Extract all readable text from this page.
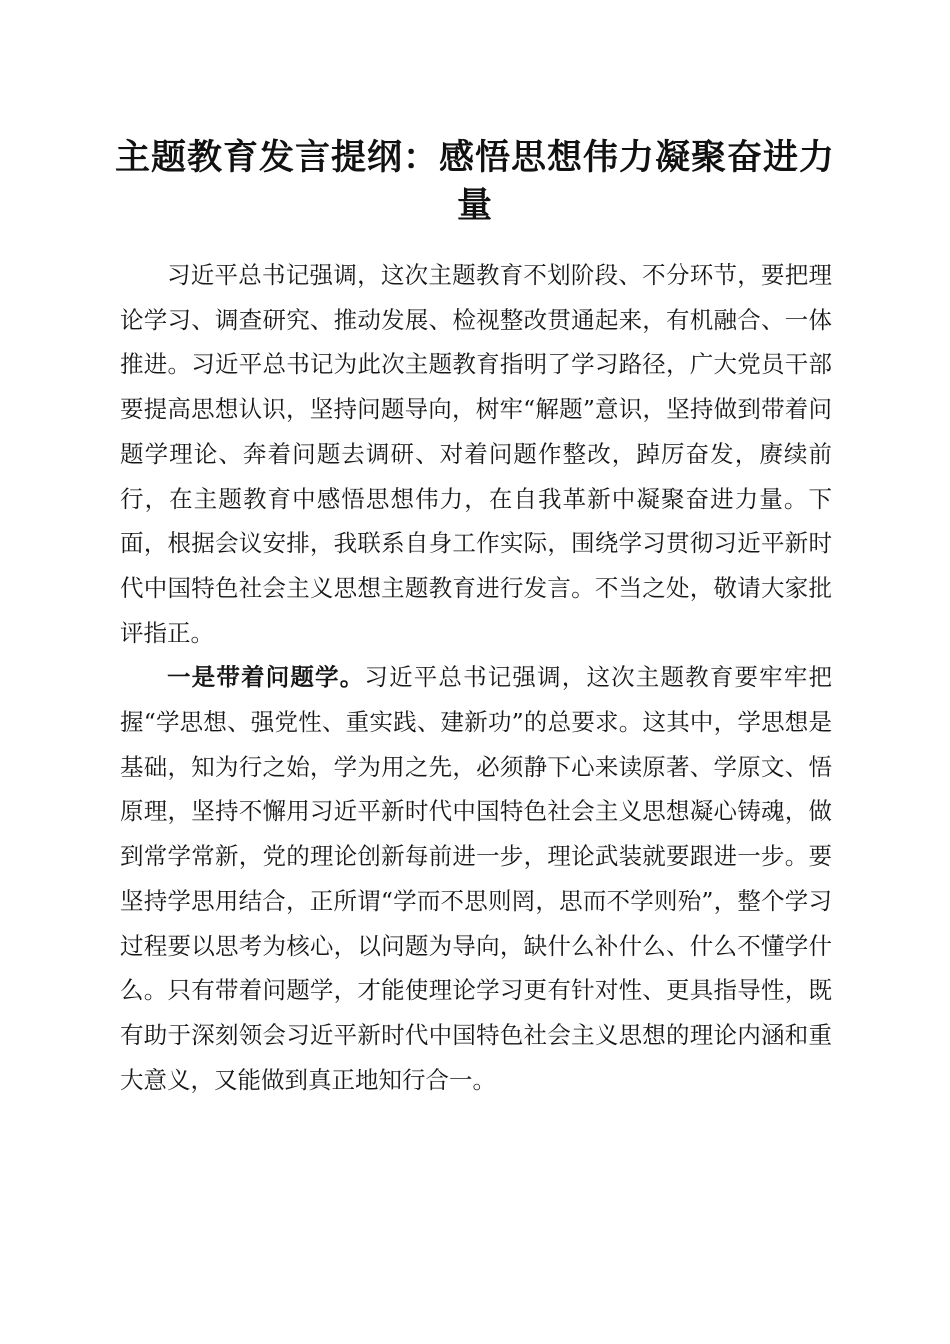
主题教育发言提纲：感悟思想伟力凝聚奋进力量

习近平总书记强调，这次主题教育不划阶段、不分环节，要把理论学习、调查研究、推动发展、检视整改贯通起来，有机融合、一体推进。习近平总书记为此次主题教育指明了学习路径，广大党员干部要提高思想认识，坚持问题导向，树牢“解题”意识，坚持做到带着问题学理论、奔着问题去调研、对着问题作整改，踔厉奋发，赓续前行，在主题教育中感悟思想伟力，在自我革新中凝聚奋进力量。下面，根据会议安排，我联系自身工作实际，围绕学习贯彻习近平新时代中国特色社会主义思想主题教育进行发言。不当之处，敬请大家批评指正。

一是带着问题学。习近平总书记强调，这次主题教育要牢牢把握“学思想、强党性、重实践、建新功”的总要求。这其中，学思想是基础，知为行之始，学为用之先，必须静下心来读原著、学原文、悟原理，坚持不懈用习近平新时代中国特色社会主义思想凝心铸魂，做到常学常新，党的理论创新每前进一步，理论武装就要跟进一步。要坚持学思用结合，正所谓“学而不思则罔，思而不学则殆”，整个学习过程要以思考为核心，以问题为导向，缺什么补什么、什么不懂学什么。只有带着问题学，才能使理论学习更有针对性、更具指导性，既有助于深刻领会习近平新时代中国特色社会主义思想的理论内涵和重大意义，又能做到真正地知行合一。
